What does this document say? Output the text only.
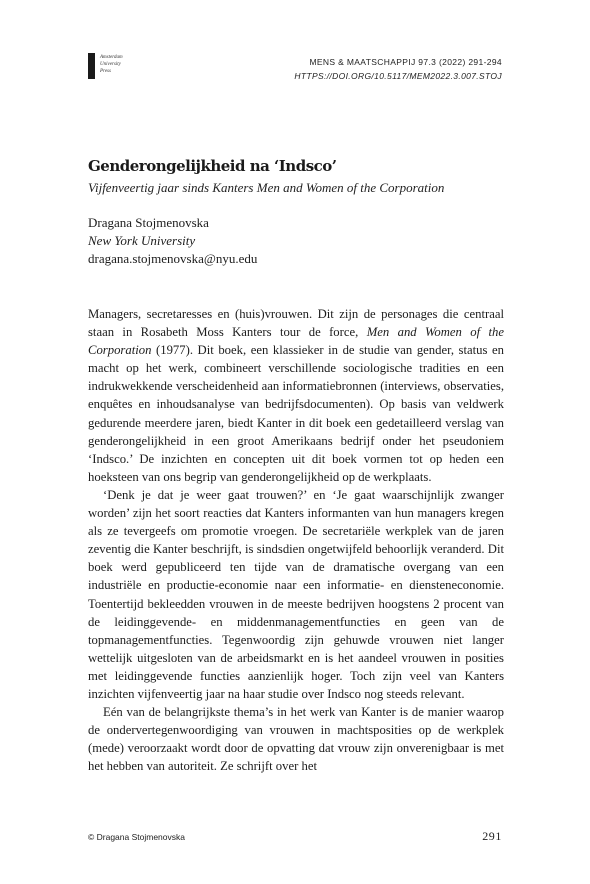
Amsterdam
University
Press
MENS & MAATSCHAPPIJ 97.3 (2022) 291-294
HTTPS://DOI.ORG/10.5117/MEM2022.3.007.STOJ
Genderongelijkheid na ‘Indsco’
Vijfenveertig jaar sinds Kanters Men and Women of the Corporation
Dragana Stojmenovska
New York University
dragana.stojmenovska@nyu.edu

Managers, secretaresses en (huis)vrouwen. Dit zijn de personages die centraal staan in Rosabeth Moss Kanters tour de force, Men and Women of the Corporation (1977). Dit boek, een klassieker in de studie van gender, status en macht op het werk, combineert verschillende sociologische tradities en een indrukwekkende verscheidenheid aan informatiebronnen (interviews, observaties, enquêtes en inhoudsanalyse van bedrijfsdocumenten). Op basis van veldwerk gedurende meerdere jaren, biedt Kanter in dit boek een gedetailleerd verslag van genderongelijkheid in een groot Amerikaans bedrijf onder het pseudoniem ‘Indsco.’ De inzichten en concepten uit dit boek vormen tot op heden een hoeksteen van ons begrip van genderongelijkheid op de werkplaats.

‘Denk je dat je weer gaat trouwen?’ en ‘Je gaat waarschijnlijk zwanger worden’ zijn het soort reacties dat Kanters informanten van hun managers kregen als ze tevergeefs om promotie vroegen. De secretariële werkplek van de jaren zeventig die Kanter beschrijft, is sindsdien ongetwijfeld behoorlijk veranderd. Dit boek werd gepubliceerd ten tijde van de dramatische overgang van een industriële en productie-economie naar een informatie- en dienstenеconomie. Toentertijd bekleedden vrouwen in de meeste bedrijven hoogstens 2 procent van de leidinggevende- en middenmanagementfuncties en geen van de topmanagementfuncties. Tegenwoordig zijn gehuwde vrouwen niet langer wettelijk uitgesloten van de arbeidsmarkt en is het aandeel vrouwen in posities met leidinggevende functies aanzienlijk hoger. Toch zijn veel van Kanters inzichten vijfenveertig jaar na haar studie over Indsco nog steeds relevant.

Eén van de belangrijkste thema’s in het werk van Kanter is de manier waarop de ondervertegenwoordiging van vrouwen in machtsposities op de werkplek (mede) veroorzaakt wordt door de opvatting dat vrouw zijn onverenigbaar is met het hebben van autoriteit. Ze schrijft over het

© Dragana Stojmenovska	291
